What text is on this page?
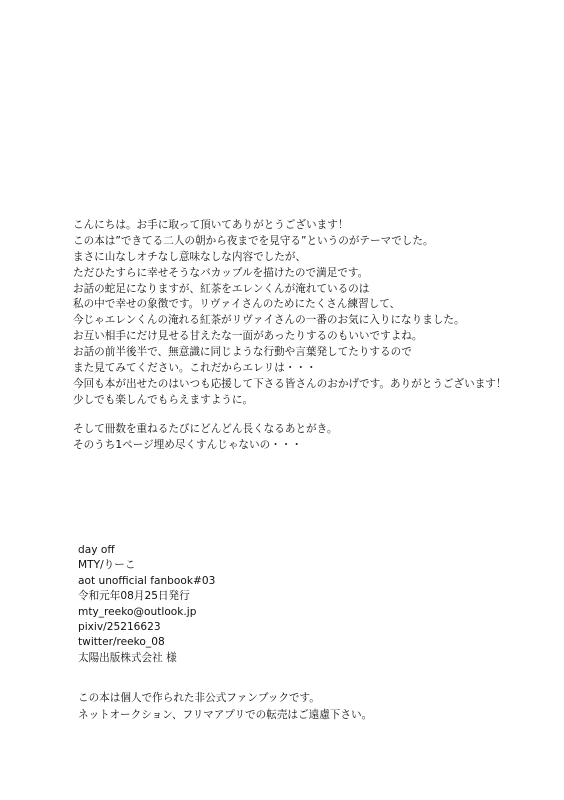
こんにちは。お手に取って頂いてありがとうございます！
この本は”できてる二人の朝から夜までを見守る”というのがテーマでした。
まさに山なしオチなし意味なしな内容でしたが、
ただひたすらに幸せそうなバカップルを描けたので満足です。
お話の蛇足になりますが、紅茶をエレンくんが淹れているのは
私の中で幸せの象徴です。リヴァイさんのためにたくさん練習して、
今じゃエレンくんの淹れる紅茶がリヴァイさんの一番のお気に入りになりました。
お互い相手にだけ見せる甘えたな一面があったりするのもいいですよね。
お話の前半後半で、無意識に同じような行動や言葉発してたりするので
また見てみてください。これだからエレリは・・・
今回も本が出せたのはいつも応援して下さる皆さんのおかげです。ありがとうございます！
少しでも楽しんでもらえますように。
そして冊数を重ねるたびにどんどん長くなるあとがき。
そのうち1ページ埋め尽くすんじゃないの・・・
day off
MTY/りーこ
aot unofficial fanbook#03
令和元年08月25日発行
mty_reeko@outlook.jp
pixiv/25216623
twitter/reeko_08
太陽出版株式会社 様
この本は個人で作られた非公式ファンブックです。
ネットオークション、フリマアプリでの転売はご遠慮下さい。
